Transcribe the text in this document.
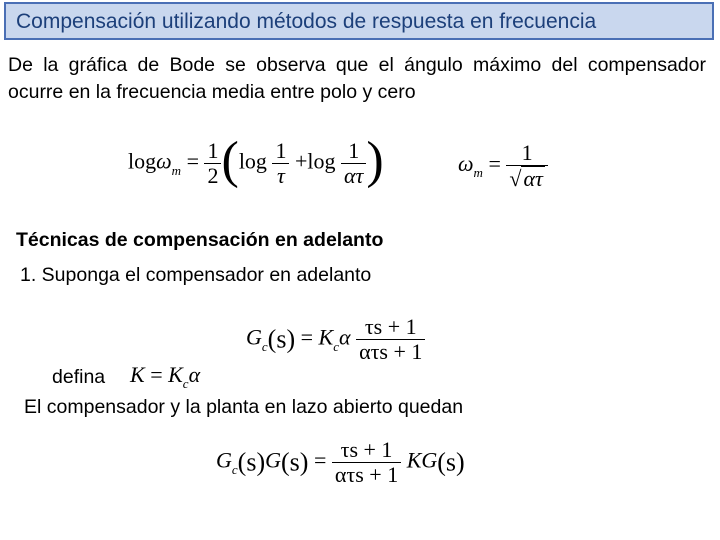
Compensación utilizando métodos de respuesta en frecuencia
De la gráfica de Bode se observa que el ángulo máximo del compensador ocurre en la frecuencia media entre polo y cero
$\log\omega_m = \frac{1}{2} (\log \frac{1}{\tau} +\log \frac{1}{\alpha\tau}$ )	$\omega_m = \frac{1}{√\alpha\tau}$
Técnicas de compensación en adelanto
1. Suponga el compensador en adelanto
$G_c(s) = K_c\alpha \frac{\tau s + 1}{\text{ατs + 1}}$
defina $K = K_c\alpha$
El compensador y la planta en lazo abierto quedan
$G_c(s)G(s) = \frac{\tau s + 1}{\text{ατs + 1}} KG(s)$
